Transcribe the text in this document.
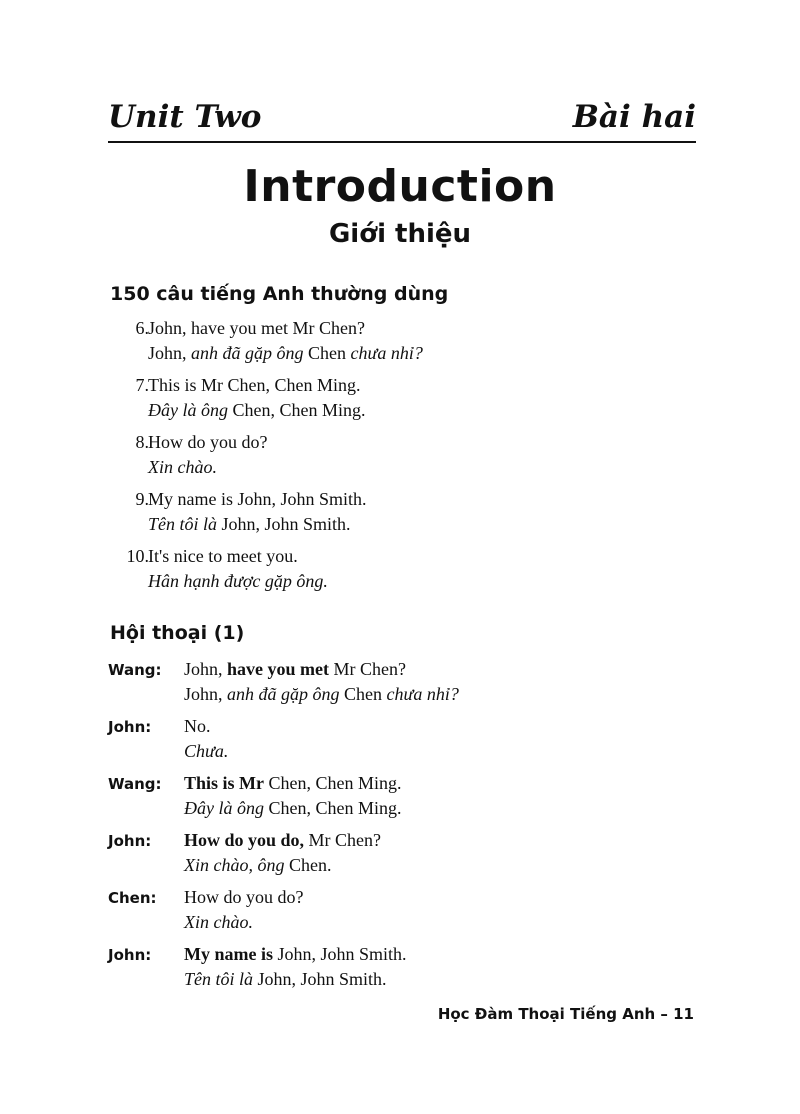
Unit Two	Bài hai
Introduction
Giới thiệu
150 câu tiếng Anh thường dùng
6. John, have you met Mr Chen?
John, anh đã gặp ông Chen chưa nhỉ?
7. This is Mr Chen, Chen Ming.
Đây là ông Chen, Chen Ming.
8. How do you do?
Xin chào.
9. My name is John, John Smith.
Tên tôi là John, John Smith.
10. It's nice to meet you.
Hân hạnh được gặp ông.
Hội thoại (1)
Wang: John, have you met Mr Chen?
John, anh đã gặp ông Chen chưa nhỉ?
John: No.
Chưa.
Wang: This is Mr Chen, Chen Ming.
Đây là ông Chen, Chen Ming.
John: How do you do, Mr Chen?
Xin chào, ông Chen.
Chen: How do you do?
Xin chào.
John: My name is John, John Smith.
Tên tôi là John, John Smith.
Học Đàm Thoại Tiếng Anh – 11
